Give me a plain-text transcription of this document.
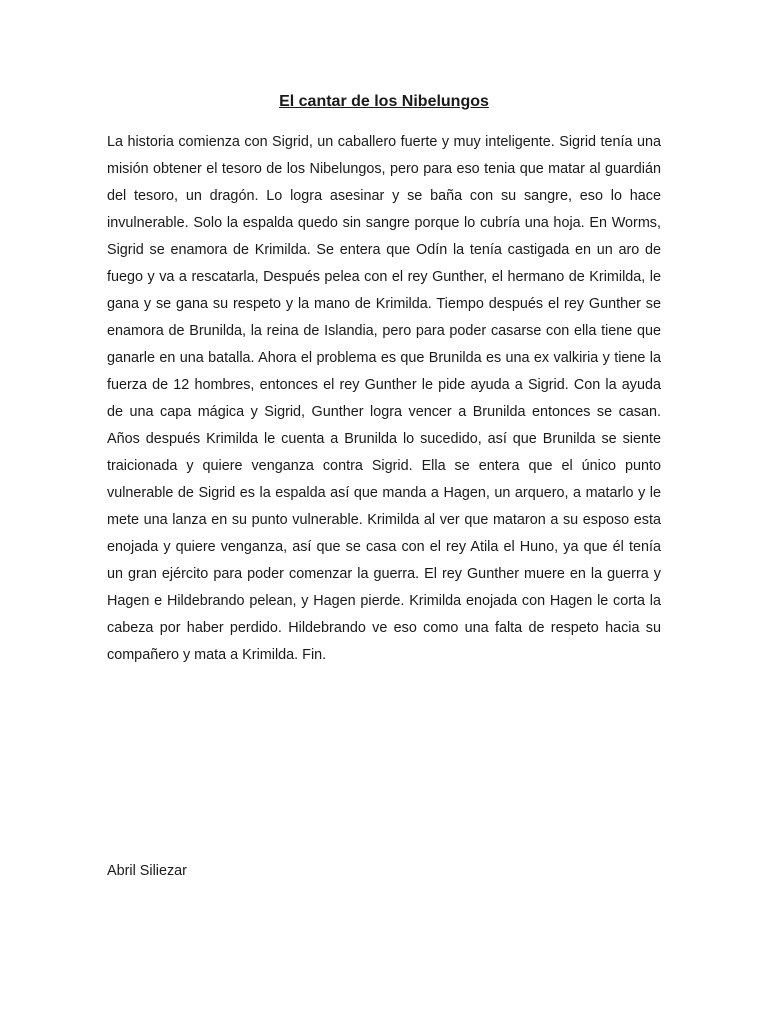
El cantar de los Nibelungos

La historia comienza con Sigrid, un caballero fuerte y muy inteligente. Sigrid tenía una misión obtener el tesoro de los Nibelungos, pero para eso tenia que matar al guardián del tesoro, un dragón. Lo logra asesinar y se baña con su sangre, eso lo hace invulnerable. Solo la espalda quedo sin sangre porque lo cubría una hoja. En Worms, Sigrid se enamora de Krimilda. Se entera que Odín la tenía castigada en un aro de fuego y va a rescatarla, Después pelea con el rey Gunther, el hermano de Krimilda, le gana y se gana su respeto y la mano de Krimilda. Tiempo después el rey Gunther se enamora de Brunilda, la reina de Islandia, pero para poder casarse con ella tiene que ganarle en una batalla. Ahora el problema es que Brunilda es una ex valkiria y tiene la fuerza de 12 hombres, entonces el rey Gunther le pide ayuda a Sigrid. Con la ayuda de una capa mágica y Sigrid, Gunther logra vencer a Brunilda entonces se casan. Años después Krimilda le cuenta a Brunilda lo sucedido, así que Brunilda se siente traicionada y quiere venganza contra Sigrid. Ella se entera que el único punto vulnerable de Sigrid es la espalda así que manda a Hagen, un arquero, a matarlo y le mete una lanza en su punto vulnerable. Krimilda al ver que mataron a su esposo esta enojada y quiere venganza, así que se casa con el rey Atila el Huno, ya que él tenía un gran ejército para poder comenzar la guerra. El rey Gunther muere en la guerra y Hagen e Hildebrando pelean, y Hagen pierde. Krimilda enojada con Hagen le corta la cabeza por haber perdido. Hildebrando ve eso como una falta de respeto hacia su compañero y mata a Krimilda. Fin.

Abril Siliezar
